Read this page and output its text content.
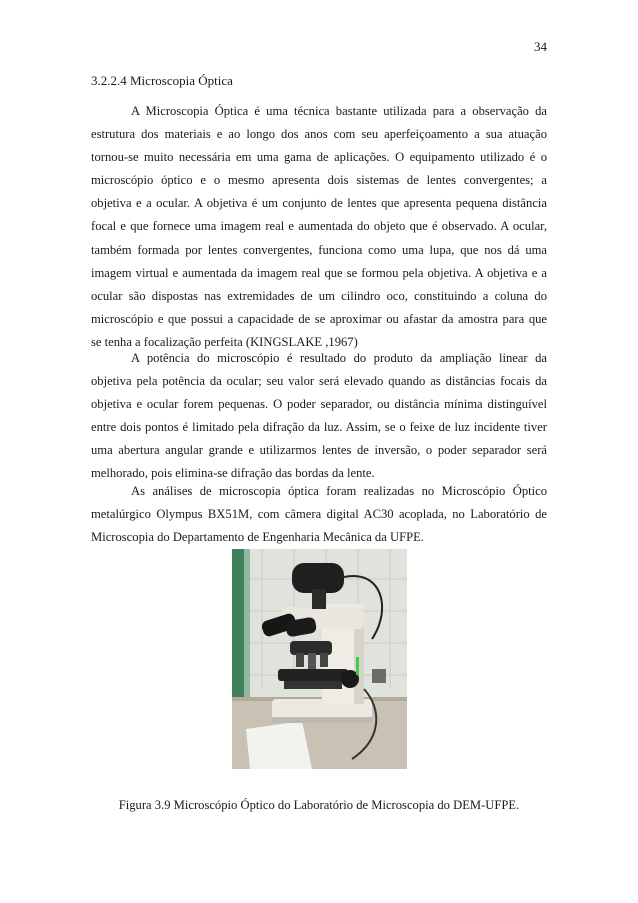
34
3.2.2.4 Microscopia Óptica
A Microscopia Óptica é uma técnica bastante utilizada para a observação da
estrutura dos materiais e ao longo dos anos com seu aperfeiçoamento a sua atuação
tornou-se muito necessária em uma gama de aplicações. O equipamento utilizado é o
microscópio óptico e o mesmo apresenta dois sistemas de lentes convergentes; a
objetiva e a ocular. A objetiva é um conjunto de lentes que apresenta pequena distância
focal e que fornece uma imagem real e aumentada do objeto que é observado. A ocular,
também formada por lentes convergentes, funciona como uma lupa, que nos dá uma
imagem virtual e aumentada da imagem real que se formou pela objetiva. A objetiva e a
ocular são dispostas nas extremidades de um cilindro oco, constituindo a coluna do
microscópio e que possui a capacidade de se aproximar ou afastar da amostra para que
se tenha a focalização perfeita (KINGSLAKE ,1967)
A potência do microscópio é resultado do produto da ampliação linear da
objetiva pela potência da ocular; seu valor será elevado quando as distâncias focais da
objetiva e ocular forem pequenas. O poder separador, ou distância mínima distinguível
entre dois pontos é limitado pela difração da luz. Assim, se o feixe de luz incidente tiver
uma abertura angular grande e utilizarmos lentes de inversão, o poder separador será
melhorado, pois elimina-se difração das bordas da lente.
As análises de microscopia óptica foram realizadas no Microscópio Óptico
metalúrgico Olympus BX51M, com câmera digital AC30 acoplada, no Laboratório de
Microscopia do Departamento de Engenharia Mecânica da UFPE.
Figura 3.9 Microscópio Óptico do Laboratório de Microscopia do DEM-UFPE.
